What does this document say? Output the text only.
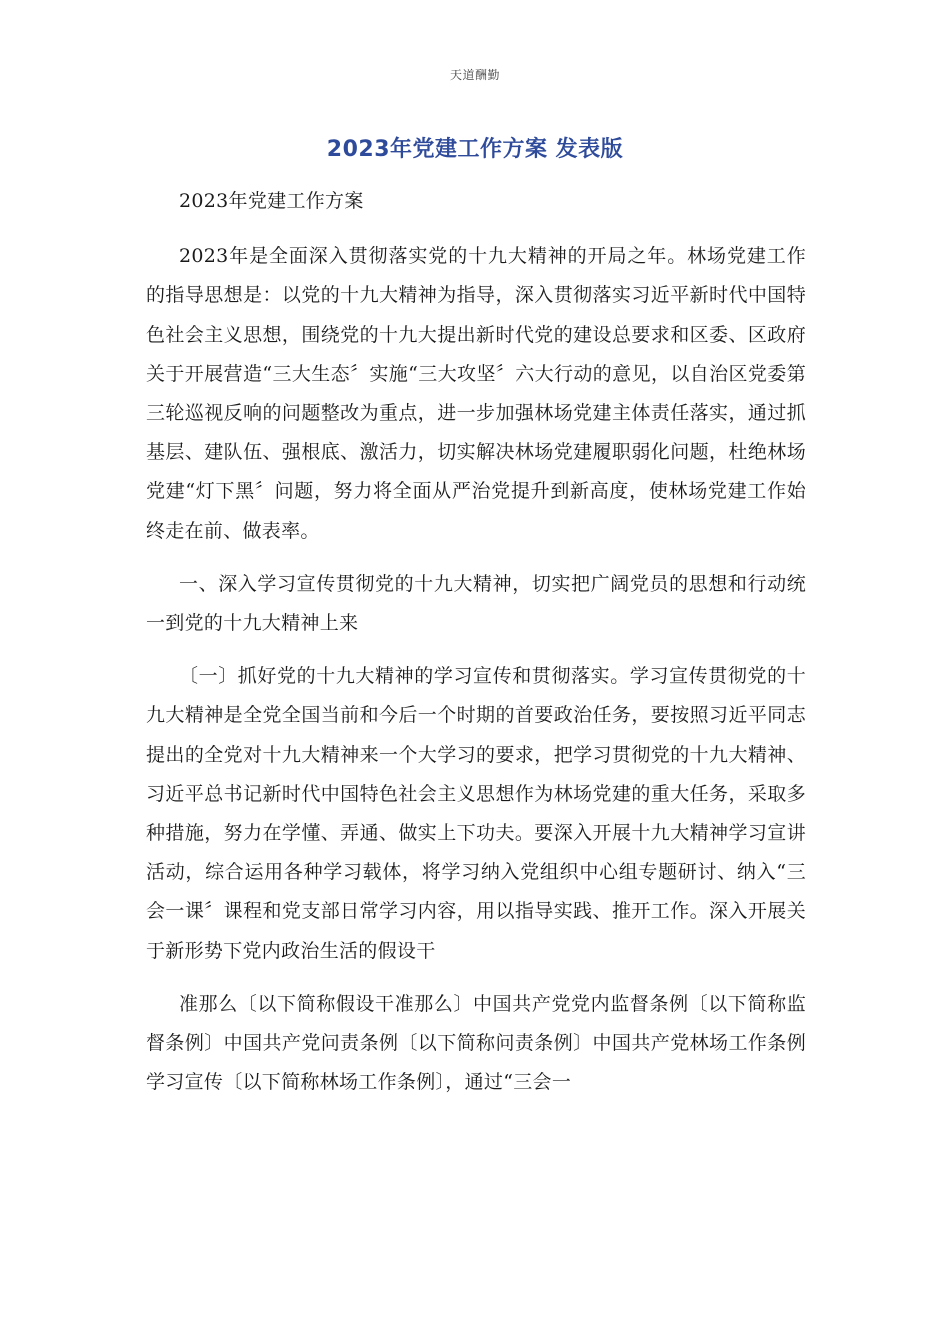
天道酬勤
2023年党建工作方案 发表版

2023年党建工作方案

2023年是全面深入贯彻落实党的十九大精神的开局之年。林场党建工作的指导思想是：以党的十九大精神为指导，深入贯彻落实习近平新时代中国特色社会主义思想，围绕党的十九大提出新时代党的建设总要求和区委、区政府关于开展营造“三大生态〞实施“三大攻坚〞六大行动的意见，以自治区党委第三轮巡视反响的问题整改为重点，进一步加强林场党建主体责任落实，通过抓基层、建队伍、强根底、激活力，切实解决林场党建履职弱化问题，杜绝林场党建“灯下黑〞问题，努力将全面从严治党提升到新高度，使林场党建工作始终走在前、做表率。

一、深入学习宣传贯彻党的十九大精神，切实把广阔党员的思想和行动统一到党的十九大精神上来

〔一〕抓好党的十九大精神的学习宣传和贯彻落实。学习宣传贯彻党的十九大精神是全党全国当前和今后一个时期的首要政治任务，要按照习近平同志提出的全党对十九大精神来一个大学习的要求，把学习贯彻党的十九大精神、习近平总书记新时代中国特色社会主义思想作为林场党建的重大任务，采取多种措施，努力在学懂、弄通、做实上下功夫。要深入开展十九大精神学习宣讲活动，综合运用各种学习载体，将学习纳入党组织中心组专题研讨、纳入“三会一课〞课程和党支部日常学习内容，用以指导实践、推开工作。深入开展关于新形势下党内政治生活的假设干

准那么〔以下简称假设干准那么〕中国共产党党内监督条例〔以下简称监督条例〕中国共产党问责条例〔以下简称问责条例〕中国共产党林场工作条例学习宣传〔以下简称林场工作条例〕，通过“三会一
